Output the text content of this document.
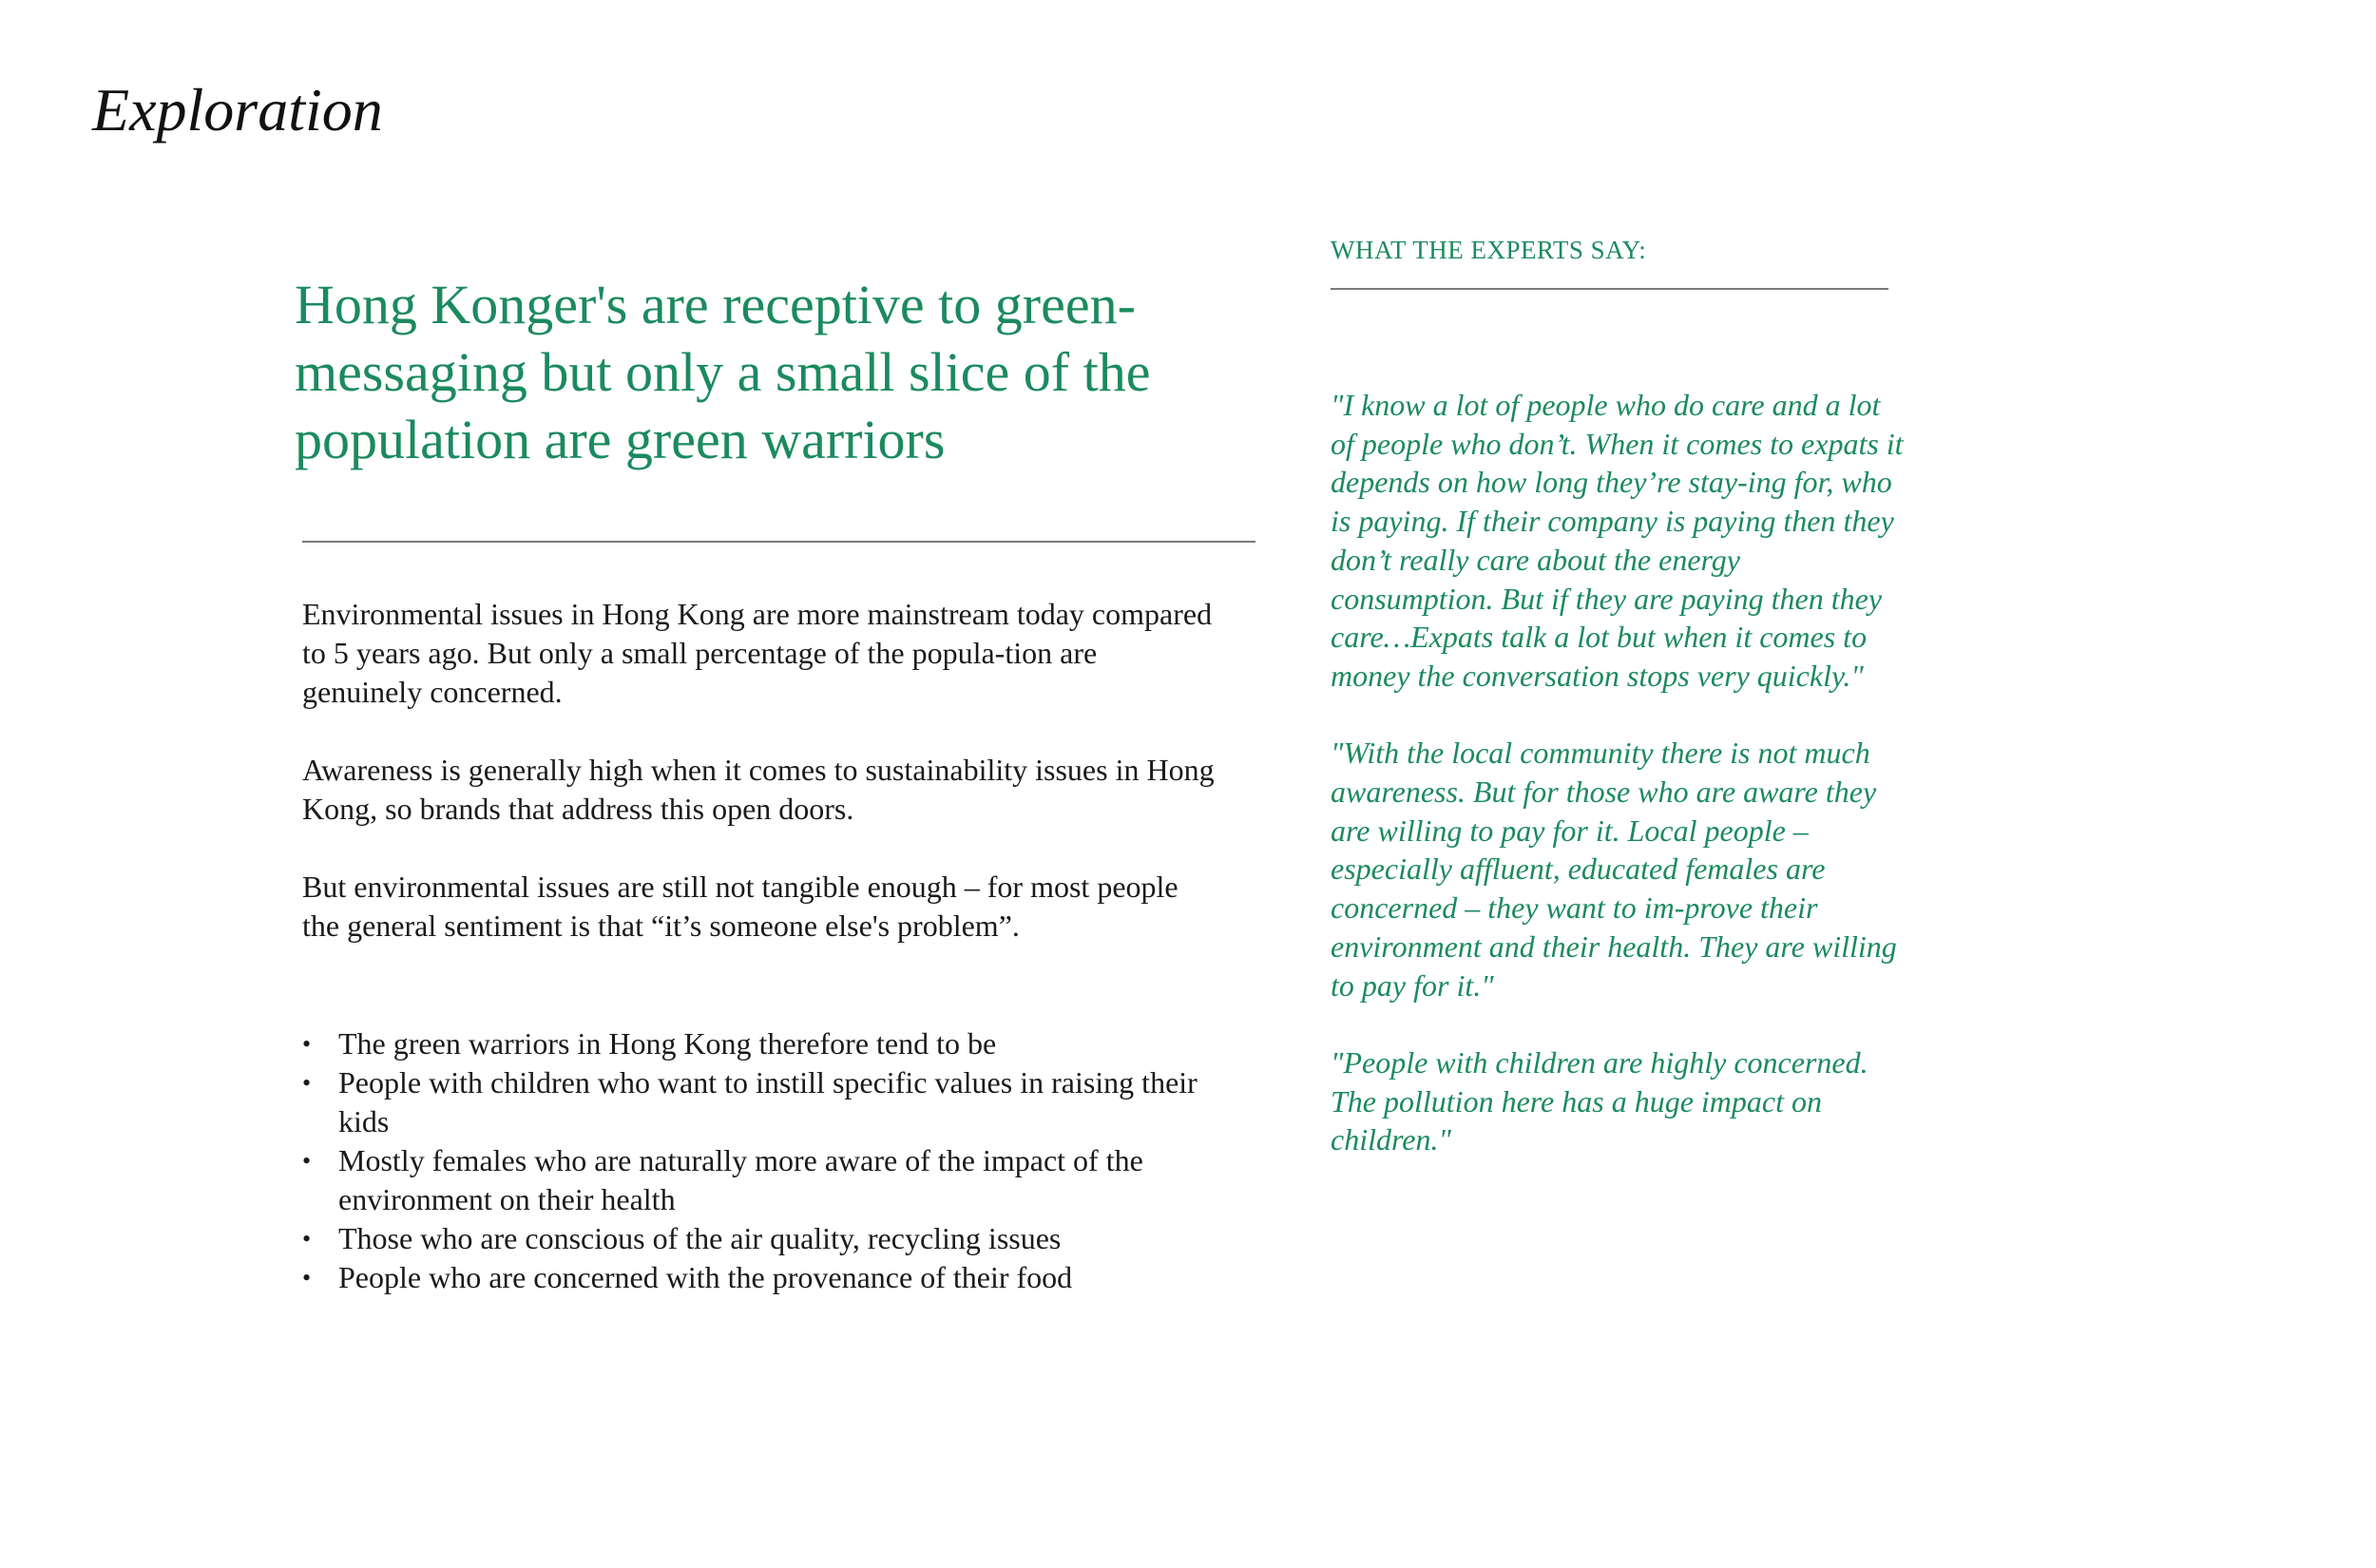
Exploration
Hong Konger's are receptive to green-messaging but only a small slice of the population are green warriors

Environmental issues in Hong Kong are more mainstream today compared to 5 years ago. But only a small percentage of the popula-tion are genuinely concerned.

Awareness is generally high when it comes to sustainability issues in Hong Kong, so brands that address this open doors.

But environmental issues are still not tangible enough – for most people the general sentiment is that “it’s someone else's problem”.

• The green warriors in Hong Kong therefore tend to be
• People with children who want to instill specific values in raising their kids
• Mostly females who are naturally more aware of the impact of the environment on their health
• Those who are conscious of the air quality, recycling issues
• People who are concerned with the provenance of their food
WHAT THE EXPERTS SAY:

"I know a lot of people who do care and a lot of people who don’t. When it comes to expats it depends on how long they’re stay-ing for, who is paying. If their company is paying then they don’t really care about the energy consumption. But if they are paying then they care…Expats talk a lot but when it comes to money the conversation stops very quickly."

"With the local community there is not much awareness. But for those who are aware they are willing to pay for it. Local people – especially affluent, educated females are concerned – they want to im-prove their environment and their health. They are willing to pay for it."

"People with children are highly concerned. The pollution here has a huge impact on children."
